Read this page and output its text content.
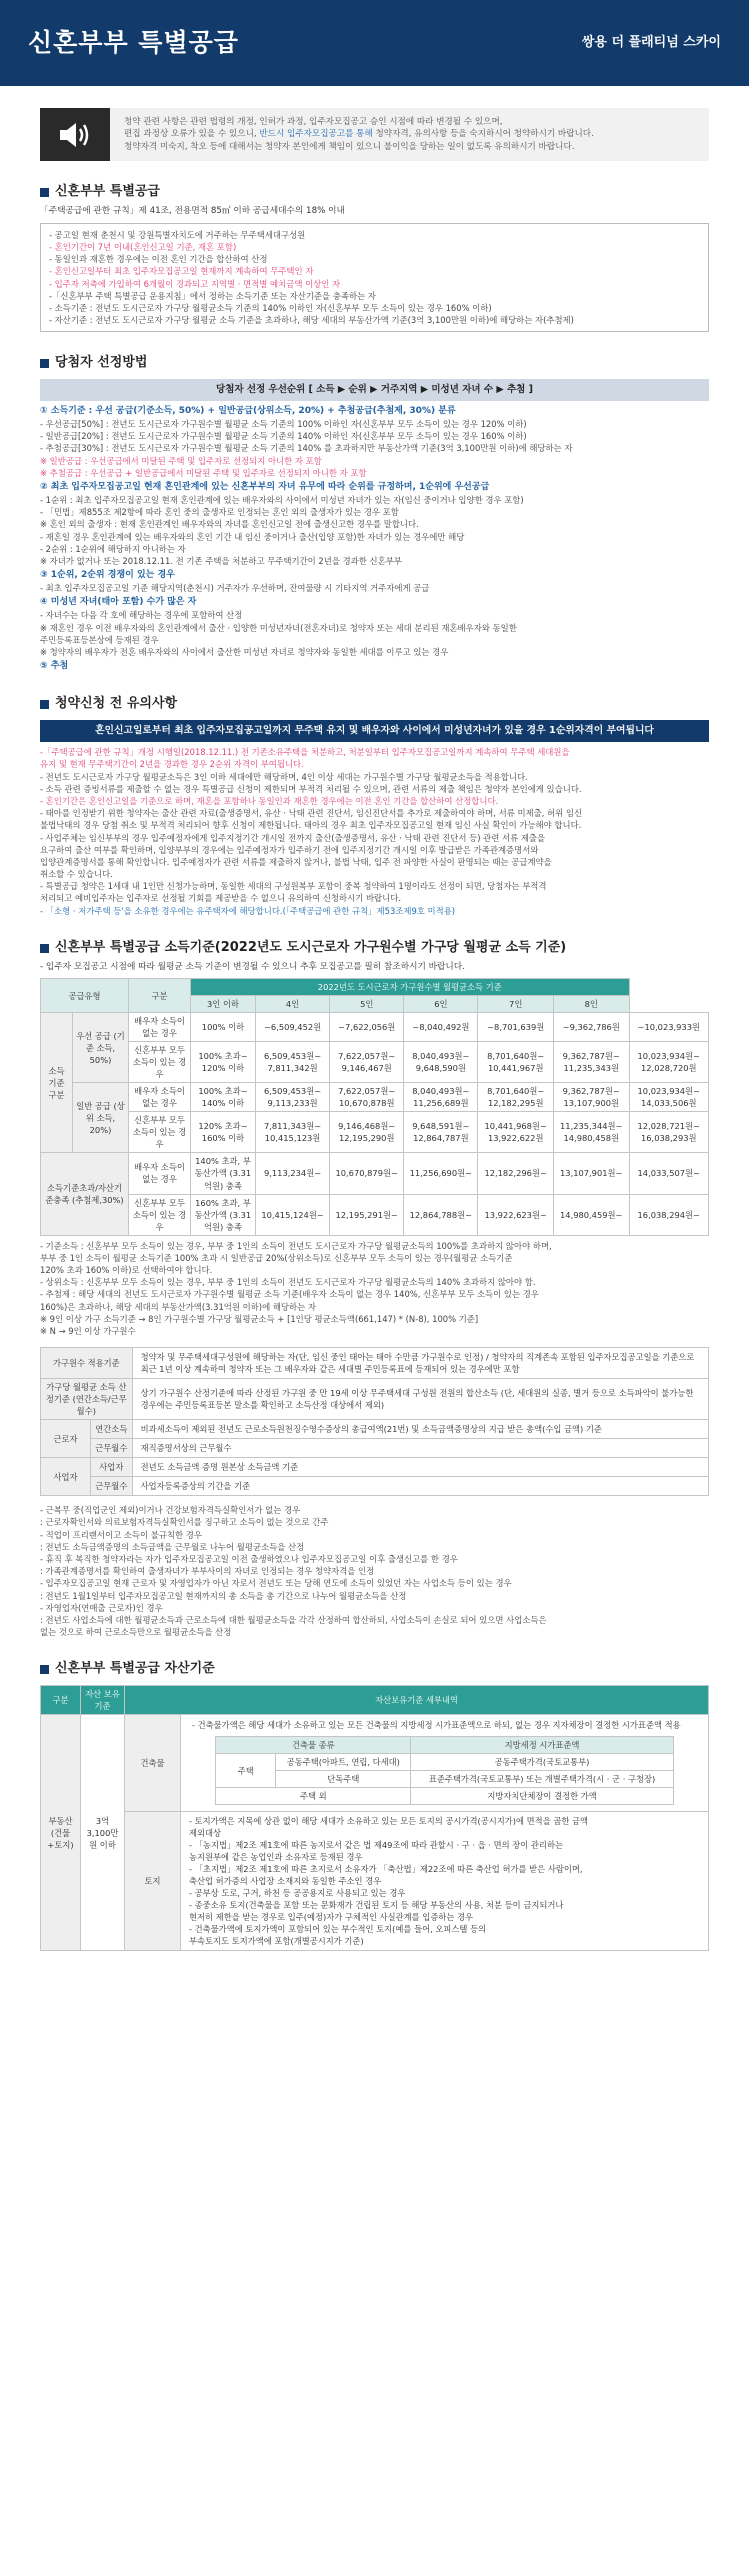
신혼부부 특별공급	쌍용 더 플래티넘 스카이
청약 관련 사항은 관련 법령의 개정, 인허가 과정, 입주자모집공고 승인 시점에 따라 변경될 수 있으며,
편집 과정상 오류가 있을 수 있으니, 반드시 입주자모집공고를 통해 청약자격, 유의사항 등을 숙지하시어 청약하시기 바랍니다.
청약자격 미숙지, 착오 등에 대해서는 청약자 본인에게 책임이 있으니 불이익을 당하는 일이 없도록 유의하시기 바랍니다.
신혼부부 특별공급
「주택공급에 관한 규칙」제 41조, 전용면적 85㎡ 이하 공급세대수의 18% 이내
- 공고일 현재 춘천시 및 강원특별자치도에 거주하는 무주택세대구성원
- 혼인기간이 7년 이내(혼인신고일 기준, 재혼 포함)
- 동일인과 재혼한 경우에는 이전 혼인 기간을 합산하여 산정
- 혼인신고일부터 최초 입주자모집공고일 현재까지 계속하여 무주택인 자
- 입주자 저축에 가입하여 6개월이 경과되고 지역별 · 면적별 예치금액 이상인 자
-「신혼부부 주택 특별공급 운용지침」에서 정하는 소득기준 또는 자산기준을 충족하는 자
- 소득기준 : 전년도 도시근로자 가구당 월평균소득 기준의 140% 이하인 자(신혼부부 모두 소득이 있는 경우 160% 이하)
- 자산기준 : 전년도 도시근로자 가구당 월평균 소득 기준을 초과하나, 해당 세대의 부동산가액 기준(3억 3,100만원 이하)에 해당하는 자(추첨제)
당첨자 선정방법
당첨자 선정 우선순위 [ 소득 ▶ 순위 ▶ 거주지역 ▶ 미성년 자녀 수 ▶ 추첨 ]
① 소득기준 : 우선 공급(기준소득, 50%) + 일반공급(상위소득, 20%) + 추첨공급(추첨제, 30%) 분류
- 우선공급[50%] : 전년도 도시근로자 가구원수별 월평균 소득 기준의 100% 이하인 자(신혼부부 모두 소득이 있는 경우 120% 이하)
- 일반공급[20%] : 전년도 도시근로자 가구원수별 월평균 소득 기준의 140% 이하인 자(신혼부부 모두 소득이 있는 경우 160% 이하)
- 추첨공급[30%] : 전년도 도시근로자 가구원수별 월평균 소득 기준의 140% 를 초과하지만 부동산가액 기준(3억 3,100만원 이하)에 해당하는 자
※ 일반공급 : 우선공급에서 미달된 주택 및 입주자로 선정되지 아니한 자 포함
※ 추첨공급 : 우선공급 + 일반공급에서 미달된 주택 및 입주자로 선정되지 아니한 자 포함
② 최초 입주자모집공고일 현재 혼인관계에 있는 신혼부부의 자녀 유무에 따라 순위를 규정하며, 1순위에 우선공급
- 1순위 : 최초 입주자모집공고일 현재 혼인관계에 있는 배우자와의 사이에서 미성년 자녀가 있는 자(임신 중이거나 입양한 경우 포함)
- 「민법」제855조 제2항에 따라 혼인 중의 출생자로 인정되는 혼인 외의 출생자가 있는 경우 포함
※ 혼인 외의 출생자 : 현재 혼인관계인 배우자와의 자녀를 혼인신고일 전에 출생신고한 경우를 말합니다.
- 재혼일 경우 혼인관계에 있는 배우자와의 혼인 기간 내 임신 중이거나 출산(입양 포함)한 자녀가 있는 경우에만 해당
- 2순위 : 1순위에 해당하지 아니하는 자
※ 자녀가 없거나 또는 2018.12.11. 전 기존 주택을 처분하고 무주택기간이 2년을 경과한 신혼부부
③ 1순위, 2순위 경쟁이 있는 경우
- 최초 입주자모집공고일 기준 해당지역(춘천시) 거주자가 우선하며, 잔여물량 시 기타지역 거주자에게 공급
④ 미성년 자녀(태아 포함) 수가 많은 자
- 자녀수는 다음 각 호에 해당하는 경우에 포함하여 산정
※ 재혼인 경우 이전 배우자와의 혼인관계에서 출산 · 입양한 미성년자녀(전혼자녀)로 청약자 또는 세대 분리된 재혼배우자와 동일한
주민등록표등본상에 등재된 경우
※ 청약자의 배우자가 전혼 배우자와의 사이에서 출산한 미성년 자녀로 청약자와 동일한 세대를 이루고 있는 경우
⑤ 추첨
청약신청 전 유의사항
혼인신고일로부터 최초 입주자모집공고일까지 무주택 유지 및 배우자와 사이에서 미성년자녀가 있을 경우 1순위자격이 부여됩니다
-「주택공급에 관한 규칙」개정 시행일(2018.12.11.) 전 기존소유주택을 처분하고, 처분일부터 입주자모집공고일까지 계속하여 무주택 세대원을
유지 및 현재 무주택기간이 2년을 경과한 경우 2순위 자격이 부여됩니다.
- 전년도 도시근로자 가구당 월평균소득은 3인 이하 세대에만 해당하며, 4인 이상 세대는 가구원수별 가구당 월평균소득을 적용합니다.
- 소득 관련 증빙서류를 제출할 수 없는 경우 특별공급 신청이 제한되며 부적격 처리될 수 있으며, 관련 서류의 제출 책임은 청약자 본인에게 있습니다.
- 혼인기간은 혼인신고일을 기준으로 하며, 재혼을 포함하나 동일인과 재혼한 경우에는 이전 혼인 기간을 합산하여 산정합니다.
- 태아를 인정받기 위한 청약자는 출산 관련 자료(출생증명서, 유산 · 낙태 관련 진단서, 임신진단서를 추가로 제출하여야 하며, 서류 미제출, 허위 임신
불법낙태의 경우 당첨 취소 및 부적격 처리되어 향후 신청이 제한됩니다. 태아의 경우 최초 입주자모집공고일 현재 임신 사실 확인이 가능해야 합니다.
- 사업주체는 임신부부의 경우 입주예정자에게 입주지정기간 개시일 전까지 출산(출생증명서, 유산 · 낙태 관련 진단서 등) 관련 서류 제출을
요구하여 출산 여부를 확인하며, 입양부부의 경우에는 입주예정자가 입주하기 전에 입주지정기간 개시일 이후 발급받은 가족관계증명서와
입양관계증명서를 통해 확인합니다. 입주예정자가 관련 서류를 제출하지 않거나, 불법 낙태, 입주 전 파양한 사실이 판명되는 때는 공급계약을
취소할 수 있습니다.
- 특별공급 청약은 1세대 내 1인만 신청가능하며, 동일한 세대의 구성원복부 포함이 중복 청약하여 1명이라도 선정이 되면, 당첨자는 부적격
처리되고 예비입주자는 입주자로 선정될 기회를 제공받을 수 없으니 유의하여 신청하시기 바랍니다.
- 「소형 · 저가주택 등'을 소유한 경우에는 유주택자에 해당합니다.(「주택공급에 관한 규칙」제53조제9호 미적용)
신혼부부 특별공급 소득기준(2022년도 도시근로자 가구원수별 가구당 월평균 소득 기준)
- 입주자 모집공고 시점에 따라 월평균 소득 기준이 변경될 수 있으니 추후 모집공고를 필히 참조하시기 바랍니다.
공급유형		구분	2022년도 도시근로자 가구원수별 월평균소득 기준						
			3인 이하	4인	5인	6인	7인	8인	
소득 기준 구분	우선 공급 (기준 소득, 50%)	배우자 소득이 없는 경우	100% 이하	~6,509,452원	~7,622,056원	~8,040,492원	~8,701,639원	~9,362,786원	~10,023,933원
		신혼부부 모두 소득이 있는 경우	100% 초과~ 120% 이하	6,509,453원~ 7,811,342원	7,622,057원~ 9,146,467원	8,040,493원~ 9,648,590원	8,701,640원~ 10,441,967원	9,362,787원~ 11,235,343원	10,023,934원~ 12,028,720원
	일반 공급 (상위 소득, 20%)	배우자 소득이 없는 경우	100% 초과~ 140% 이하	6,509,453원~ 9,113,233원	7,622,057원~ 10,670,878원	8,040,493원~ 11,256,689원	8,701,640원~ 12,182,295원	9,362,787원~ 13,107,900원	10,023,934원~ 14,033,506원
		신혼부부 모두 소득이 있는 경우	120% 초과~ 160% 이하	7,811,343원~ 10,415,123원	9,146,468원~ 12,195,290원	9,648,591원~ 12,864,787원	10,441,968원~ 13,922,622원	11,235,344원~ 14,980,458원	12,028,721원~ 16,038,293원
소득기준초과/자산기준충족 (추첨제,30%)		배우자 소득이 없는 경우	140% 초과, 부동산가액 (3.31억원) 충족	9,113,234원~	10,670,879원~	11,256,690원~	12,182,296원~	13,107,901원~	14,033,507원~
		신혼부부 모두 소득이 있는 경우	160% 초과, 부동산가액 (3.31억원) 충족	10,415,124원~	12,195,291원~	12,864,788원~	13,922,623원~	14,980,459원~	16,038,294원~
- 기준소득 : 신혼부부 모두 소득이 있는 경우, 부부 중 1인의 소득이 전년도 도시근로자 가구당 월평균소득의 100%를 초과하지 않아야 하며,
부부 중 1인 소득이 월평균 소득기준 100% 초과 시 일반공급 20%(상위소득)로 신혼부부 모두 소득이 있는 경우(월평균 소득기준
120% 초과 160% 이하)로 선택하여야 합니다.
- 상위소득 : 신혼부부 모두 소득이 있는 경우, 부부 중 1인의 소득이 전년도 도시근로자 가구당 월평균소득의 140% 초과하지 않아야 함.
- 추첨제 : 해당 세대의 전년도 도시근로자 가구원수별 월평균 소득 기준(배우자 소득이 없는 경우 140%, 신혼부부 모두 소득이 있는 경우
160%)은 초과하나, 해당 세대의 부동산가액(3.31억원 이하)에 해당하는 자
※ 9인 이상 가구 소득기준 → 8인 가구원수별 가구당 월평균소득 + [1인당 평균소득액(661,147) * (N-8), 100% 기준]
※ N → 9인 이상 가구원수
가구원수 적용기준		청약자 및 무주택세대구성원에 해당하는 자(단, 임신 중인 태아는 태아 수만큼 가구원수로 인정) / 청약자의 직계존속 포함된 입주자모집공고일을 기준으로 최근 1년 이상 계속하여 청약자 또는 그 배우자와 같은 세대별 주민등록표에 등재되어 있는 경우에만 포함
가구당 월평균 소득 산정기준 (연간소득/근무월수)		상기 가구원수 산정기준에 따라 산정된 가구원 중 만 19세 이상 무주택세대 구성원 전원의 합산소득 (단, 세대원의 실종, 별거 등으로 소득파악이 불가능한 경우에는 주민등록표등본 말소를 확인하고 소득산정 대상에서 제외)
근로자	연간소득	비과세소득이 제외된 전년도 근로소득원천징수영수증상의 총급여액(21번) 및 소득금액증명상의 지급 받은 총액(수입 금액) 기준
	근무월수	재직증명서상의 근무월수
사업자	사업자	전년도 소득금액 증명 원본상 소득금액 기준
	근무월수	사업자등록증상의 기간을 기준
- 근복무 중(직업군인 제외)이거나 건강보험자격득실확인서가 없는 경우
: 근로자확인서와 의료보험자격득실확인서를 징구하고 소득이 없는 것으로 간주
- 직업이 프리랜서이고 소득이 불규칙한 경우
: 전년도 소득금액증명의 소득금액을 근무월로 나누어 월평균소득을 산정
- 휴직 후 복직한 청약자라는 자가 입주자모집공고일 이전 출생하였으나 입주자모집공고일 이후 출생신고를 한 경우
: 가족관계증명서를 확인하여 출생자녀가 부부사이의 자녀로 인정되는 경우 청약자격을 인정
- 입주자모집공고일 현재 근로자 및 자영업자가 아닌 자로서 전년도 또는 당해 연도에 소득이 있었던 자는 사업소득 등이 있는 경우
: 전년도 1월1일부터 입주자모집공고일 현재까지의 총 소득을 총 기간으로 나누어 월평균소득을 산정
- 자영업자(연매출 근로자)인 경우
: 전년도 사업소득에 대한 월평균소득과 근로소득에 대한 월평균소득을 각각 산정하여 합산하되, 사업소득이 손실로 되어 있으면 사업소득은
없는 것으로 하여 근로소득만으로 월평균소득을 산정
신혼부부 특별공급 자산기준
구분	자산 보유기준	자산보유기준 세부내역
부동산 (건물 +토지)	3억 3,100만원 이하	건축물	
- 건축물가액은 해당 세대가 소유하고 있는 모든 건축물의 지방세정 시가표준액으로 하되, 없는 경우 지자체장이 결정한 시가표준액 적용
건축물 종류	지방세정 시가표준액
주택	공동주택(아파트, 연립, 다세대)	공동주택가격(국토교통부)
단독주택	표준주택가격(국토교통부) 또는 개별주택가격(시 · 군 · 구청장)
주택 외	지방자치단체장이 결정한 가액

토지	
- 토지가액은 지목에 상관 없이 해당 세대가 소유하고 있는 모든 토지의 공시가격(공시지가)에 면적을 곱한 금액
제외대상
- 「농지법」제2조 제1호에 따른 농지로서 같은 법 제49조에 따라 관할시 · 구 · 읍 · 면의 장이 관리하는
농지원부에 같은 농업인과 소유자로 등재된 경우
- 「초지법」제2조 제1호에 따른 초지로서 소유자가 「축산법」제22조에 따른 축산업 허가를 받은 사람이며,
축산업 허가증의 사업장 소재지와 동일한 주소인 경우
- 공부상 도로, 구거, 하천 등 공공용지로 사용되고 있는 경우
- 종중소유 토지(건축물을 포함 또는 문화재가 건립된 토지 등 해당 부동산의 사용, 처분 등이 금지되거나
현저히 제한을 받는 경우로 입주(예정)자가 구체적인 사실관계를 입증하는 경우
- 건축물가액에 토지가액이 포함되어 있는 부수적인 토지(예를 들어, 오피스텔 등의
부속토지도 토지가액에 포함(개별공시지가 기준)
